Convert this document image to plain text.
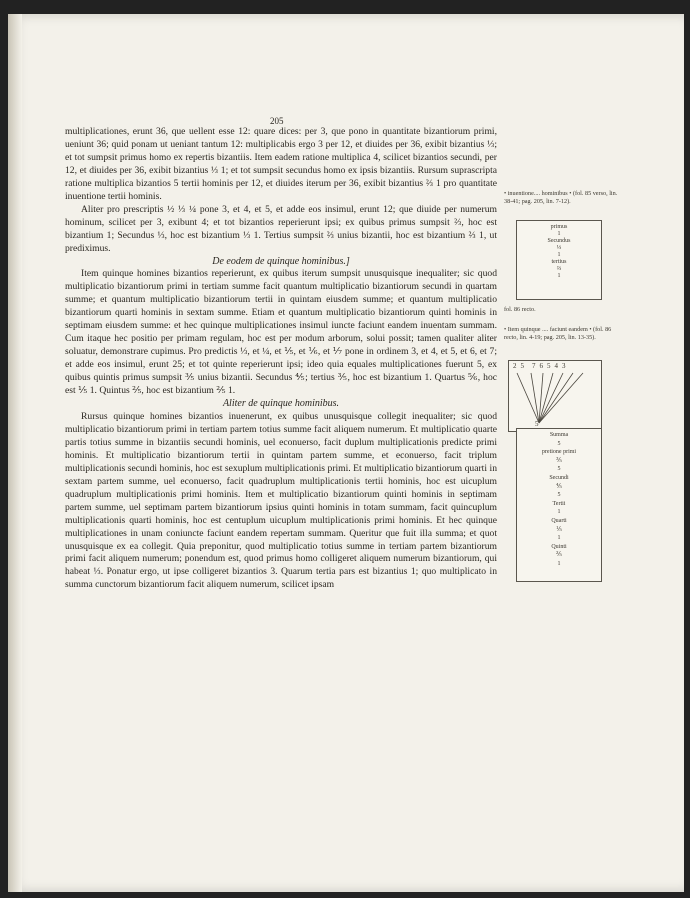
205

multiplicationes, erunt 36, que uellent esse 12: quare dices: per 3, que pono in quantitate bizantiorum primi, ueniunt 36; quid ponam ut ueniant tantum 12: multiplicabis ergo 3 per 12, et diuides per 36, exibit bizantius ⅓; et tot sumpsit primus homo ex repertis bizantiis. Item eadem ratione multiplica 4, scilicet bizantios secundi, per 12, et diuides per 36, exibit bizantius ⅓ 1; et tot sumpsit secundus homo ex ipsis bizantiis. Rursum suprascripta ratione multiplica bizantios 5 tertii hominis per 12, et diuides iterum per 36, exibit bizantius ⅔ 1 pro quantitate inuentione tertii hominis.

Aliter pro prescriptis ½ ⅓ ¼ pone 3, et 4, et 5, et adde eos insimul, erunt 12; que diuide per numerum hominum, scilicet per 3, exibunt 4; et tot bizantios reperierunt ipsi; ex quibus primus sumpsit ⅔, hoc est bizantium 1; Secundus ⅓, hoc est bizantium ⅓ 1. Tertius sumpsit ⅔ unius bizantii, hoc est bizantium ⅔ 1, ut prediximus.

De eodem de quinque hominibus.]

Item quinque homines bizantios reperierunt, ex quibus iterum sumpsit unusquisque inequaliter; sic quod multiplicatio bizantiorum primi in tertiam summe facit quantum multiplicatio bizantiorum secundi in quartam summe; et quantum multiplicatio bizantiorum tertii in quintam eiusdem summe; et quantum multiplicatio bizantiorum quarti hominis in sextam summe. Etiam et quantum multiplicatio bizantiorum quinti hominis in septimam eiusdem summe: et hec quinque multiplicationes insimul iuncte faciunt eandem inuentam summam. Cum itaque hec positio per primam regulam, hoc est per modum arborum, solui possit; tamen qualiter aliter soluatur, demonstrare cupimus. Pro predictis ⅓, et ¼, et ⅕, et ⅙, et ⅐ pone in ordinem 3, et 4, et 5, et 6, et 7; et adde eos insimul, erunt 25; et tot quinte reperierunt ipsi; ideo quia equales multiplicationes fuerunt 5, ex quibus quintis primus sumpsit ⅗ unius bizantii. Secundus ⅘; tertius ⅗, hoc est bizantium 1. Quartus ⅚, hoc est ⅕ 1. Quintus ⅖, hoc est bizantium ⅖ 1.

Aliter de quinque hominibus.

Rursus quinque homines bizantios inuenerunt, ex quibus unusquisque collegit inequaliter; sic quod multiplicatio bizantiorum primi in tertiam partem totius summe facit aliquem numerum. Et multiplicatio quarte partis totius summe in bizantiis secundi hominis, uel econuerso, facit duplum multiplicationis predicte primi hominis. Et multiplicatio bizantiorum tertii in quintam partem summe, et econuerso, facit triplum multiplicationis secundi hominis, hoc est sexuplum multiplicationis primi. Et multiplicatio bizantiorum quarti in sextam partem summe, uel econuerso, facit quadruplum multiplicationis tertii hominis, hoc est uicuplum quadruplum multiplicationis primi hominis. Item et multiplicatio bizantiorum quinti hominis in septimam partem summe, uel septimam partem bizantiorum ipsius quinti hominis in totam summam, facit quincuplum multiplicationis quarti hominis, hoc est centuplum uicuplum multiplicationis primi hominis. Et hec quinque multiplicationes in unam coniuncte faciunt eandem repertam summam. Queritur que fuit illa summa; et quot unusquisque ex ea collegit. Quia preponitur, quod multiplicatio totius summe in tertiam partem bizantiorum primi facit aliquem numerum; ponendum est, quod primus homo colligeret aliquem numerum bizantiorum, qui habeat ⅓. Ponatur ergo, ut ipse colligeret bizantios 3. Quarum tertia pars est bizantius 1; quo multiplicato in summa cunctorum bizantiorum facit aliquem numerum, scilicet ipsam

• inuentione.... hominibus • (fol. 85 verso, lin. 38-41; pag. 205, lin. 7-12).
primus
1
Secundus
⅓
1
tertius
⅔
1
fol. 86 recto.
• Item quinque .... faciunt eandem • (fol. 86 recto, lin. 4-19; pag. 205, lin. 13-35).
25 76543
5
Summa
5
pretione primi
⅗
5
Secundi
⅘
5
Tertii
1
Quarti
⅕
1
Quinti
⅖
1
